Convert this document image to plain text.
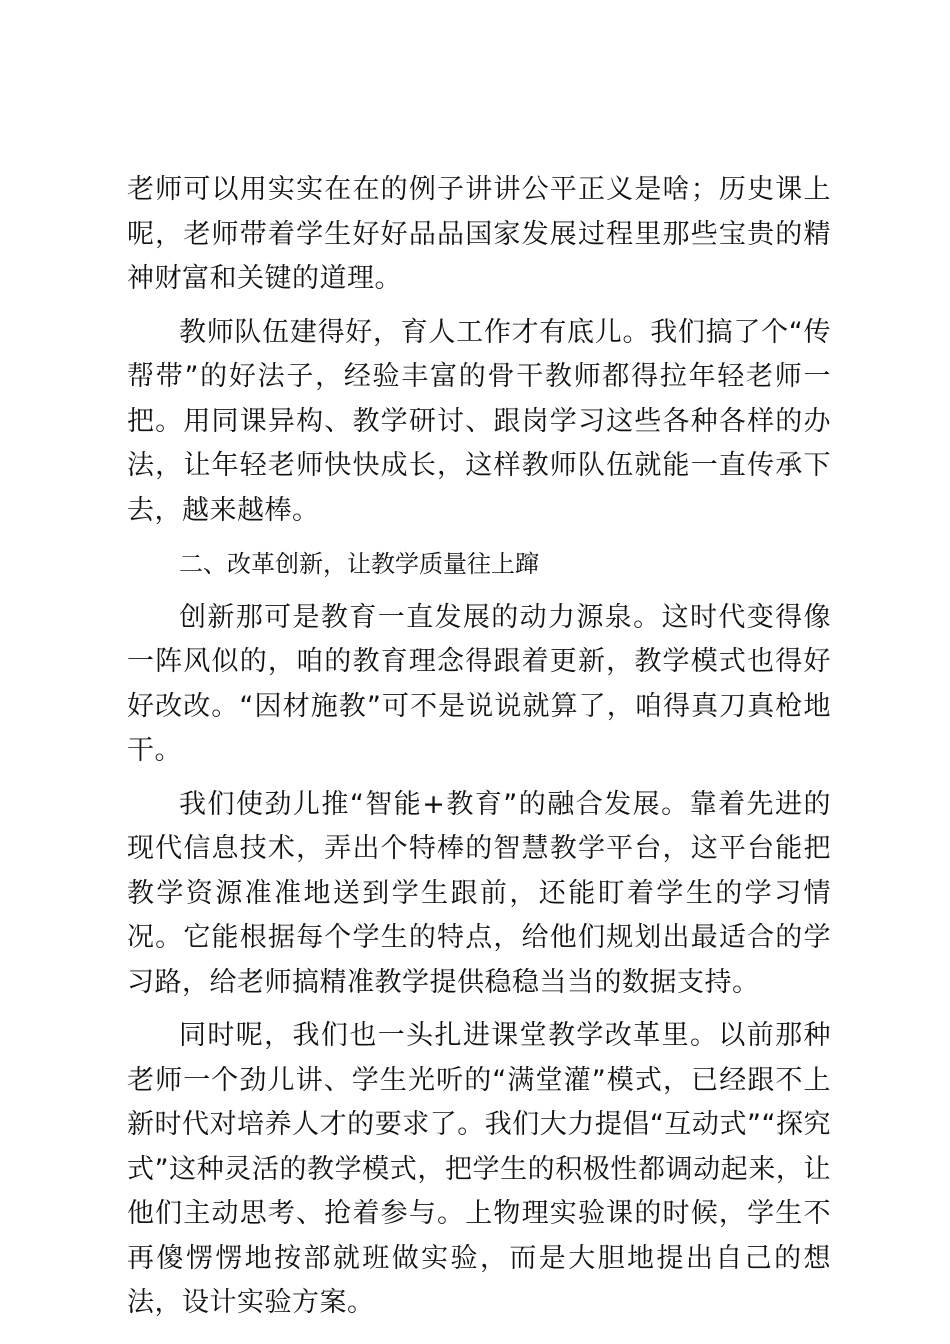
老师可以用实实在在的例子讲讲公平正义是啥；历史课上呢，老师带着学生好好品品国家发展过程里那些宝贵的精神财富和关键的道理。

教师队伍建得好，育人工作才有底儿。我们搞了个“传帮带”的好法子，经验丰富的骨干教师都得拉年轻老师一把。用同课异构、教学研讨、跟岗学习这些各种各样的办法，让年轻老师快快成长，这样教师队伍就能一直传承下去，越来越棒。

二、改革创新，让教学质量往上蹿

创新那可是教育一直发展的动力源泉。这时代变得像一阵风似的，咱的教育理念得跟着更新，教学模式也得好好改改。“因材施教”可不是说说就算了，咱得真刀真枪地干。

我们使劲儿推“智能+教育”的融合发展。靠着先进的现代信息技术，弄出个特棒的智慧教学平台，这平台能把教学资源准准地送到学生跟前，还能盯着学生的学习情况。它能根据每个学生的特点，给他们规划出最适合的学习路，给老师搞精准教学提供稳稳当当的数据支持。

同时呢，我们也一头扎进课堂教学改革里。以前那种老师一个劲儿讲、学生光听的“满堂灌”模式，已经跟不上新时代对培养人才的要求了。我们大力提倡“互动式”“探究式”这种灵活的教学模式，把学生的积极性都调动起来，让他们主动思考、抢着参与。上物理实验课的时候，学生不再傻愣愣地按部就班做实验，而是大胆地提出自己的想法，设计实验方案。
